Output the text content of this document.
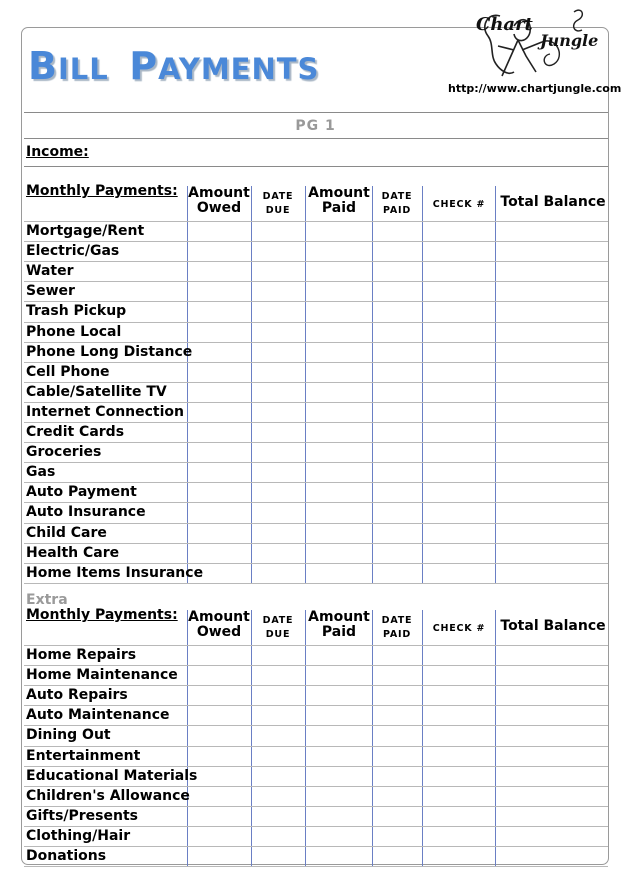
BILL PAYMENTS
Chart
Jungle
http://www.chartjungle.com
PG 1
Income:
Monthly Payments: Amount
Owed
DATE
DUE
Amount
Paid
DATE
PAID
CHECK #	Total Balance
Mortgage/Rent
Electric/Gas
Water
Sewer
Trash Pickup
Phone Local
Phone Long Distance
Cell Phone
Cable/Satellite TV
Internet Connection
Credit Cards
Groceries
Gas
Auto Payment
Auto Insurance
Child Care
Health Care
Home Items Insurance
Extra
Monthly Payments: Amount
Owed
DATE
DUE
Amount
Paid
DATE
PAID
CHECK #	Total Balance
Home Repairs
Home Maintenance
Auto Repairs
Auto Maintenance
Dining Out
Entertainment
Educational Materials
Children's Allowance
Gifts/Presents
Clothing/Hair
Donations
